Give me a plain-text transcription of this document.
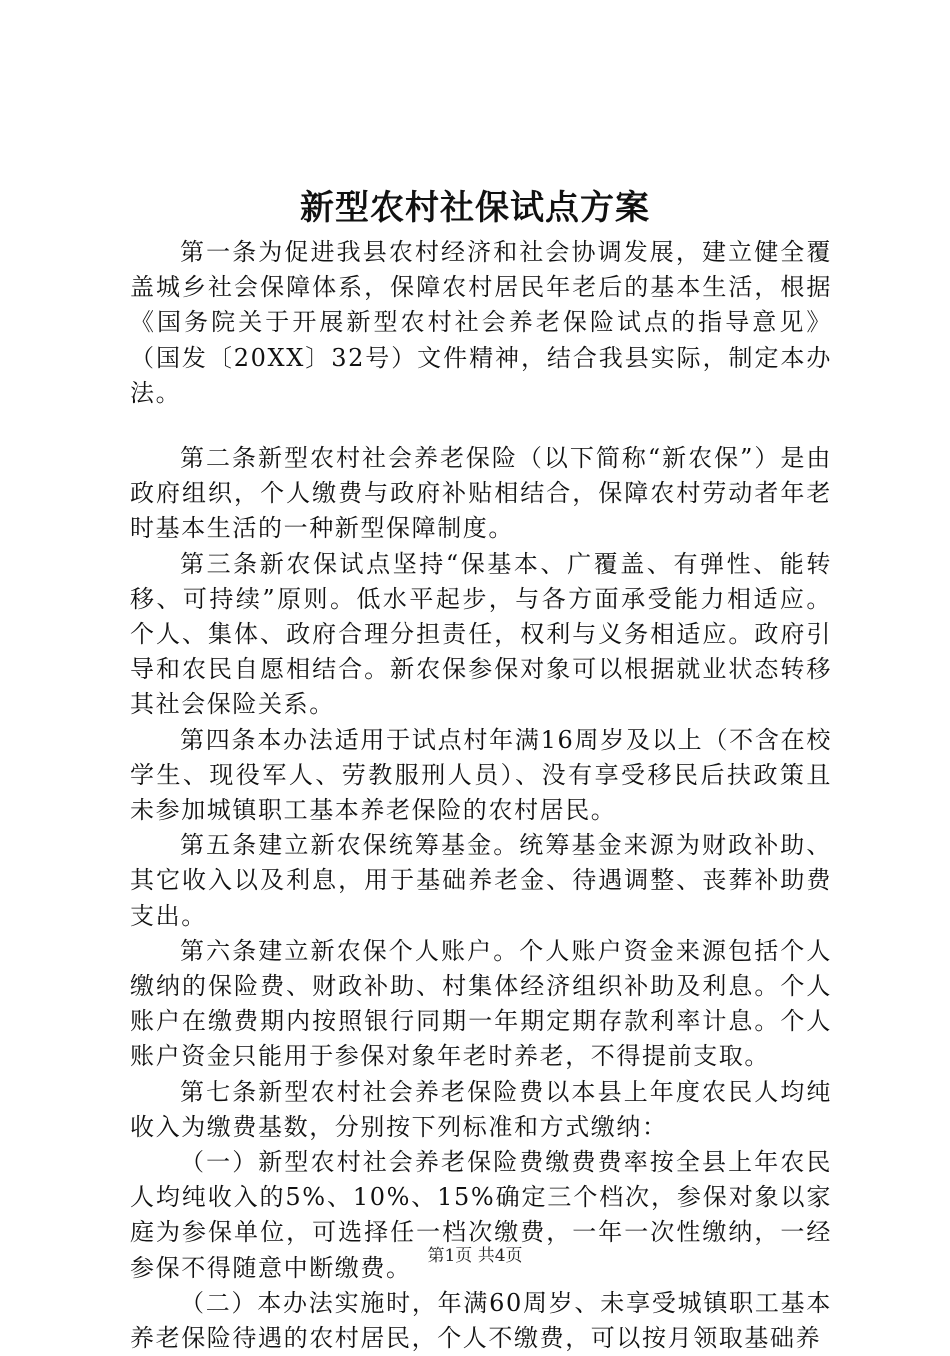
新型农村社保试点方案

第一条为促进我县农村经济和社会协调发展，建立健全覆盖城乡社会保障体系，保障农村居民年老后的基本生活，根据《国务院关于开展新型农村社会养老保险试点的指导意见》（国发〔20XX〕32号）文件精神，结合我县实际，制定本办法。

第二条新型农村社会养老保险（以下简称“新农保”）是由政府组织，个人缴费与政府补贴相结合，保障农村劳动者年老时基本生活的一种新型保障制度。

第三条新农保试点坚持“保基本、广覆盖、有弹性、能转移、可持续”原则。低水平起步，与各方面承受能力相适应。个人、集体、政府合理分担责任，权利与义务相适应。政府引导和农民自愿相结合。新农保参保对象可以根据就业状态转移其社会保险关系。

第四条本办法适用于试点村年满16周岁及以上（不含在校学生、现役军人、劳教服刑人员）、没有享受移民后扶政策且未参加城镇职工基本养老保险的农村居民。

第五条建立新农保统筹基金。统筹基金来源为财政补助、其它收入以及利息，用于基础养老金、待遇调整、丧葬补助费支出。

第六条建立新农保个人账户。个人账户资金来源包括个人缴纳的保险费、财政补助、村集体经济组织补助及利息。个人账户在缴费期内按照银行同期一年期定期存款利率计息。个人账户资金只能用于参保对象年老时养老，不得提前支取。

第七条新型农村社会养老保险费以本县上年度农民人均纯收入为缴费基数，分别按下列标准和方式缴纳：

（一）新型农村社会养老保险费缴费费率按全县上年农民人均纯收入的5%、10%、15%确定三个档次，参保对象以家庭为参保单位，可选择任一档次缴费，一年一次性缴纳，一经参保不得随意中断缴费。

（二）本办法实施时，年满60周岁、未享受城镇职工基本养老保险待遇的农村居民，个人不缴费，可以按月领取基础养

第1页 共4页
